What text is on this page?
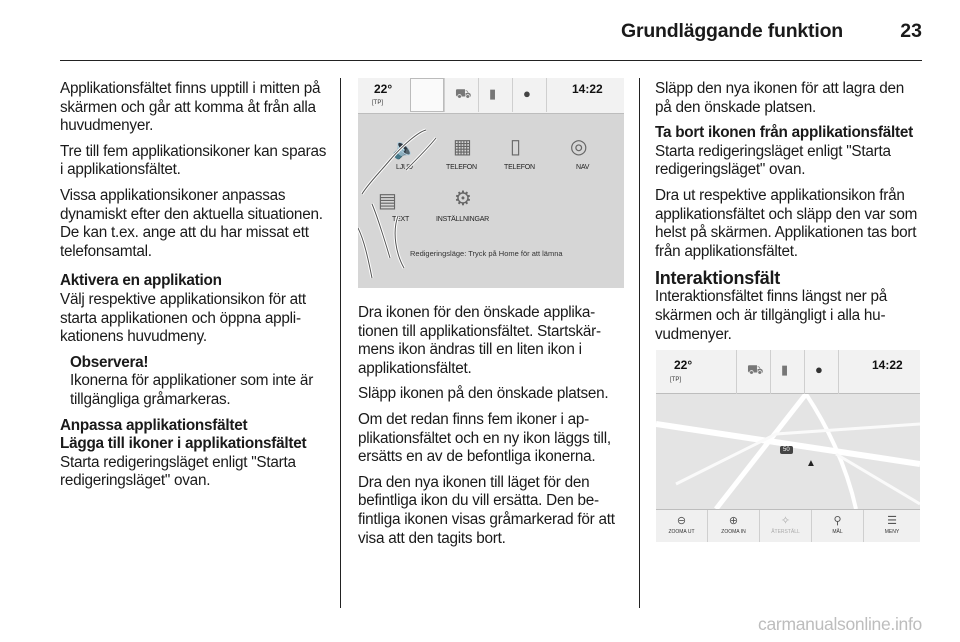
Grundläggande funktion	23

Applikationsfältet finns upptill i mitten på skärmen och går att komma åt från alla huvudmenyer.

Tre till fem applikationsikoner kan sparas i applikationsfältet.

Vissa applikationsikoner anpassas dynamiskt efter den aktuella situationen. De kan t.ex. ange att du har missat ett telefonsamtal.

Aktivera en applikation

Välj respektive applikationsikon för att starta applikationen och öppna applikationens huvudmeny.

Observera!

Ikonerna för applikationer som inte är tillgängliga gråmarkeras.

Anpassa applikationsfältet

Lägga till ikoner i applikationsfältet

Starta redigeringsläget enligt "Starta redigeringsläget" ovan.

22°
[TP]
⛟ ▮ ●	14:22
🔈
LJUD
▦
TELEFON
▯
TELEFON
◎
NAV
▤
TEXT
⚙
INSTÄLLNINGAR
Redigeringsläge: Tryck på Home för att lämna

Dra ikonen för den önskade applikationen till applikationsfältet. Startskärmens ikon ändras till en liten ikon i applikationsfältet.

Släpp ikonen på den önskade platsen.

Om det redan finns fem ikoner i applikationsfältet och en ny ikon läggs till, ersätts en av de befontliga ikonerna.

Dra den nya ikonen till läget för den befintliga ikon du vill ersätta. Den befintliga ikonen visas gråmarkerad för att visa att den tagits bort.

Släpp den nya ikonen för att lagra den på den önskade platsen.

Ta bort ikonen från applikationsfältet

Starta redigeringsläget enligt "Starta redigeringsläget" ovan.

Dra ut respektive applikationsikon från applikationsfältet och släpp den var som helst på skärmen. Applikationen tas bort från applikationsfältet.

Interaktionsfält

Interaktionsfältet finns längst ner på skärmen och är tillgängligt i alla huvudmenyer.

22°
[TP]
⛟ ▮ ●	14:22
50
▲
⊖
ZOOMA UT
⊕
ZOOMA IN
✧
ÅTERSTÄLL
⚲
MÅL
☰
MENY
carmanualsonline.info
